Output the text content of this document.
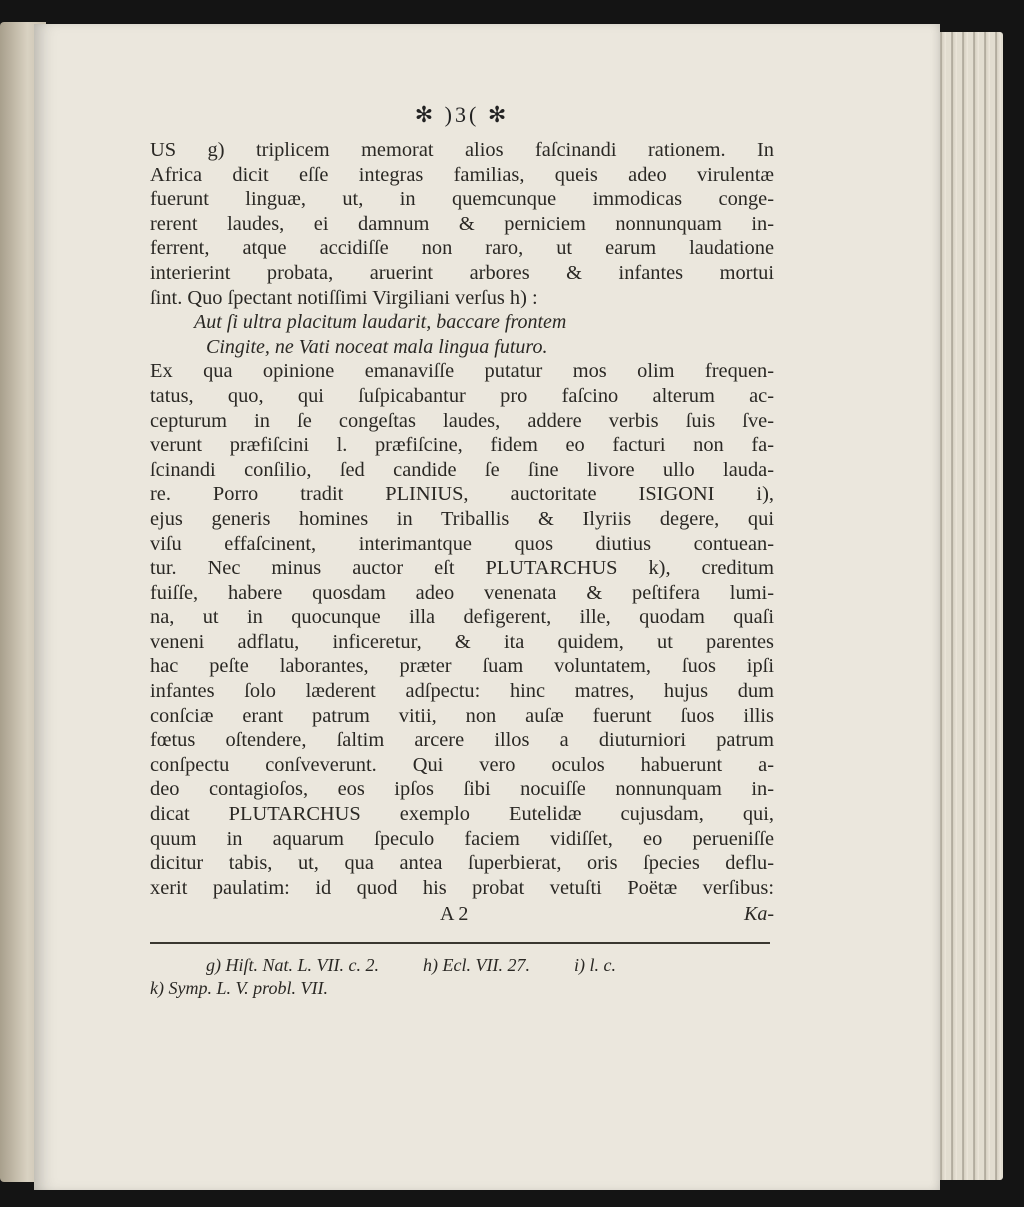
✻ )3( ✻

US g) triplicem memorat alios faſcinandi rationem. In
Africa dicit eſſe integras familias, queis adeo virulentæ
fuerunt linguæ, ut, in quemcunque immodicas conge-
rerent laudes, ei damnum & perniciem nonnunquam in-
ferrent, atque accidiſſe non raro, ut earum laudatione
interierint probata, aruerint arbores & infantes mortui
ſint. Quo ſpectant notiſſimi Virgiliani verſus h) :

Aut ſi ultra placitum laudarit, baccare frontem
Cingite, ne Vati noceat mala lingua futuro.

Ex qua opinione emanaviſſe putatur mos olim frequen-
tatus, quo, qui ſuſpicabantur pro faſcino alterum ac-
cepturum in ſe congeſtas laudes, addere verbis ſuis ſve-
verunt præfiſcini l. præfiſcine, fidem eo facturi non fa-
ſcinandi conſilio, ſed candide ſe ſine livore ullo lauda-
re. Porro tradit PLINIUS, auctoritate ISIGONI i),
ejus generis homines in Triballis & Ilyriis degere, qui
viſu effaſcinent, interimantque quos diutius contuean-
tur. Nec minus auctor eſt PLUTARCHUS k), creditum
fuiſſe, habere quosdam adeo venenata & peſtifera lumi-
na, ut in quocunque illa defigerent, ille, quodam quaſi
veneni adflatu, inficeretur, & ita quidem, ut parentes
hac peſte laborantes, præter ſuam voluntatem, ſuos ipſi
infantes ſolo læderent adſpectu: hinc matres, hujus dum
conſciæ erant patrum vitii, non auſæ fuerunt ſuos illis
fœtus oſtendere, ſaltim arcere illos a diuturniori patrum
conſpectu conſveverunt. Qui vero oculos habuerunt a-
deo contagioſos, eos ipſos ſibi nocuiſſe nonnunquam in-
dicat PLUTARCHUS exemplo Eutelidæ cujusdam, qui,
quum in aquarum ſpeculo faciem vidiſſet, eo perueniſſe
dicitur tabis, ut, qua antea ſuperbierat, oris ſpecies deflu-
xerit paulatim: id quod his probat vetuſti Poëtæ verſibus:

A 2	Ka-
g) Hiſt. Nat. L. VII. c. 2. h) Ecl. VII. 27. i) l. c.
k) Symp. L. V. probl. VII.
